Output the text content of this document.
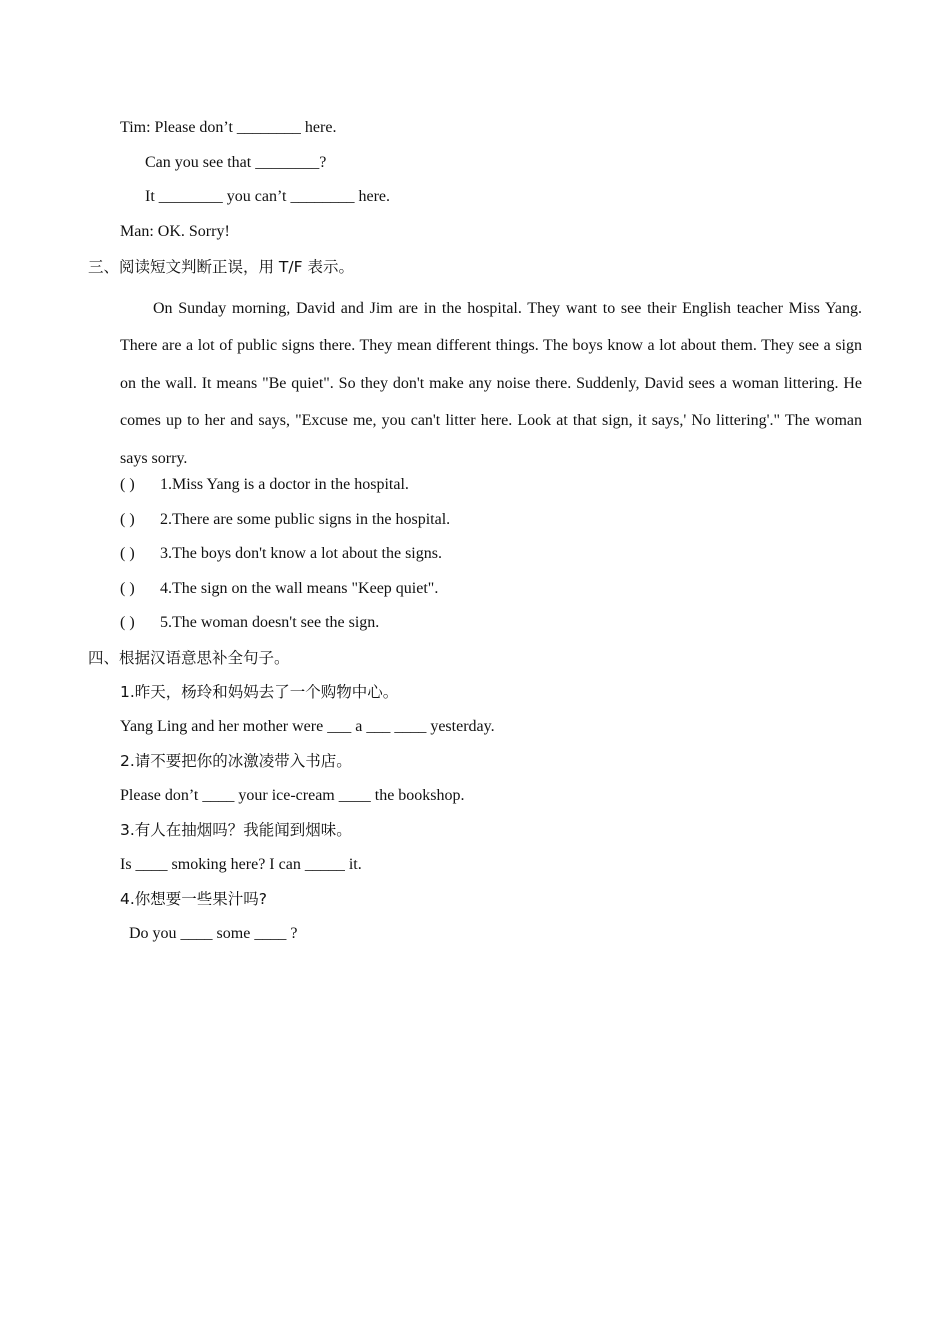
Tim: Please don’t ________ here.
Can you see that ________?
It ________ you can’t ________ here.
Man: OK. Sorry!
三、阅读短文判断正误，用 T/F 表示。
On Sunday morning, David and Jim are in the hospital. They want to see their English teacher Miss Yang. There are a lot of public signs there. They mean different things. The boys know a lot about them. They see a sign on the wall. It means "Be quiet". So they don't make any noise there. Suddenly, David sees a woman littering. He comes up to her and says, "Excuse me, you can't litter here. Look at that sign, it says,' No littering'." The woman says sorry.
( ) 1.Miss Yang is a doctor in the hospital.
( ) 2.There are some public signs in the hospital.
( ) 3.The boys don't know a lot about the signs.
( ) 4.The sign on the wall means "Keep quiet".
( ) 5.The woman doesn't see the sign.
四、根据汉语意思补全句子。
1.昨天，杨玲和妈妈去了一个购物中心。
Yang Ling and her mother were ___ a ___ ____ yesterday.
2.请不要把你的冰激凌带入书店。
Please don’t ____ your ice-cream ____ the bookshop.
3.有人在抽烟吗？我能闻到烟味。
Is ____ smoking here? I can _____ it.
4.你想要一些果汁吗?
Do you ____ some ____ ?
